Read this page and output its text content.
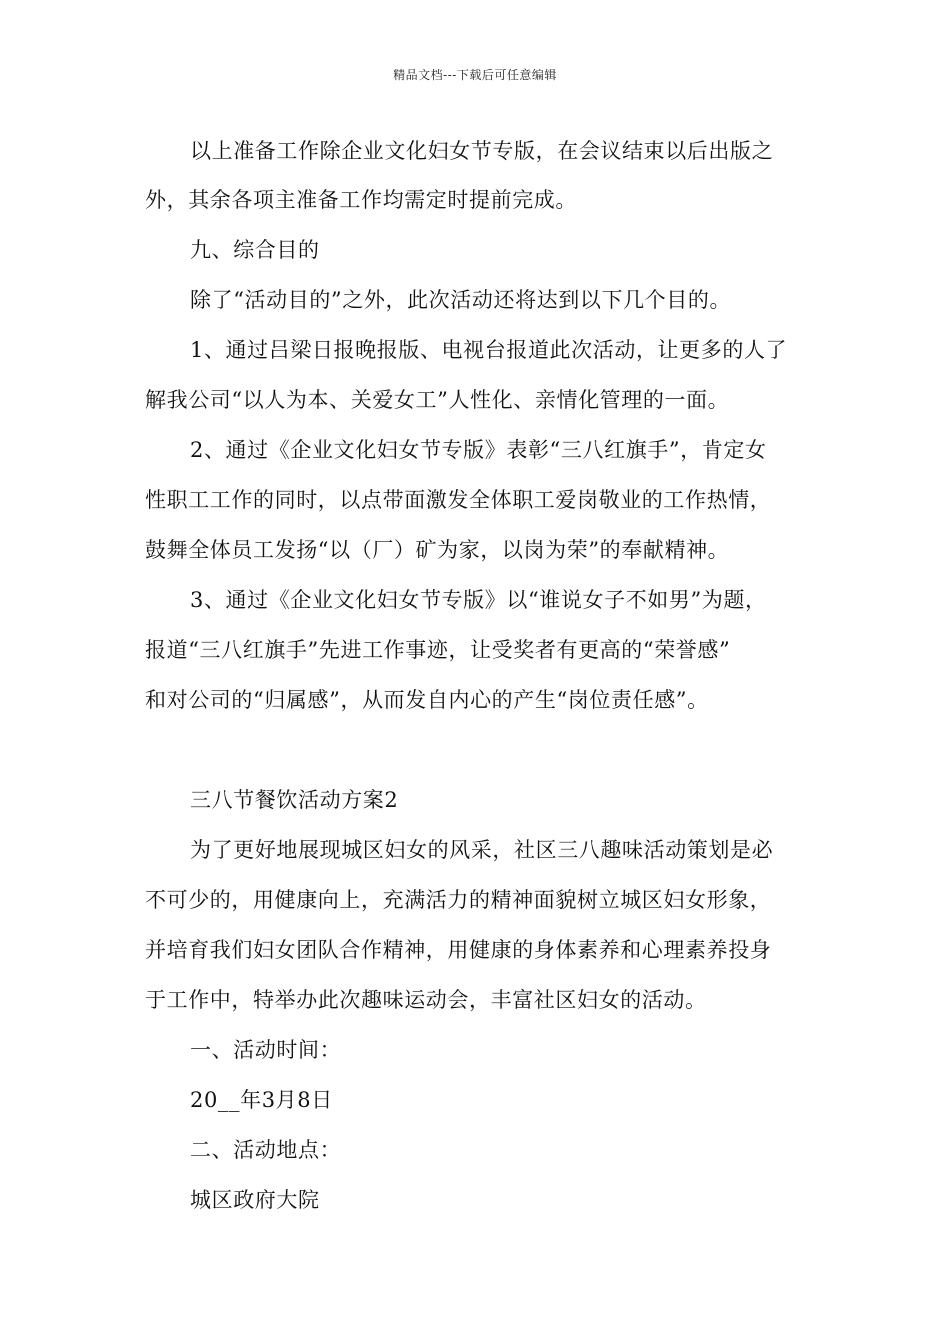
精品文档---下载后可任意编辑
以上准备工作除企业文化妇女节专版，在会议结束以后出版之
外，其余各项主准备工作均需定时提前完成。
九、综合目的
除了“活动目的”之外，此次活动还将达到以下几个目的。
1、通过吕梁日报晚报版、电视台报道此次活动，让更多的人了
解我公司“以人为本、关爱女工”人性化、亲情化管理的一面。
2、通过《企业文化妇女节专版》表彰“三八红旗手”，肯定女
性职工工作的同时，以点带面激发全体职工爱岗敬业的工作热情，
鼓舞全体员工发扬“以（厂）矿为家，以岗为荣”的奉献精神。
3、通过《企业文化妇女节专版》以“谁说女子不如男”为题，
报道“三八红旗手”先进工作事迹，让受奖者有更高的“荣誉感”
和对公司的“归属感”，从而发自内心的产生“岗位责任感”。
三八节餐饮活动方案2
为了更好地展现城区妇女的风采，社区三八趣味活动策划是必
不可少的，用健康向上，充满活力的精神面貌树立城区妇女形象，
并培育我们妇女团队合作精神，用健康的身体素养和心理素养投身
于工作中，特举办此次趣味运动会，丰富社区妇女的活动。
一、活动时间：
20__年3月8日
二、活动地点：
城区政府大院
